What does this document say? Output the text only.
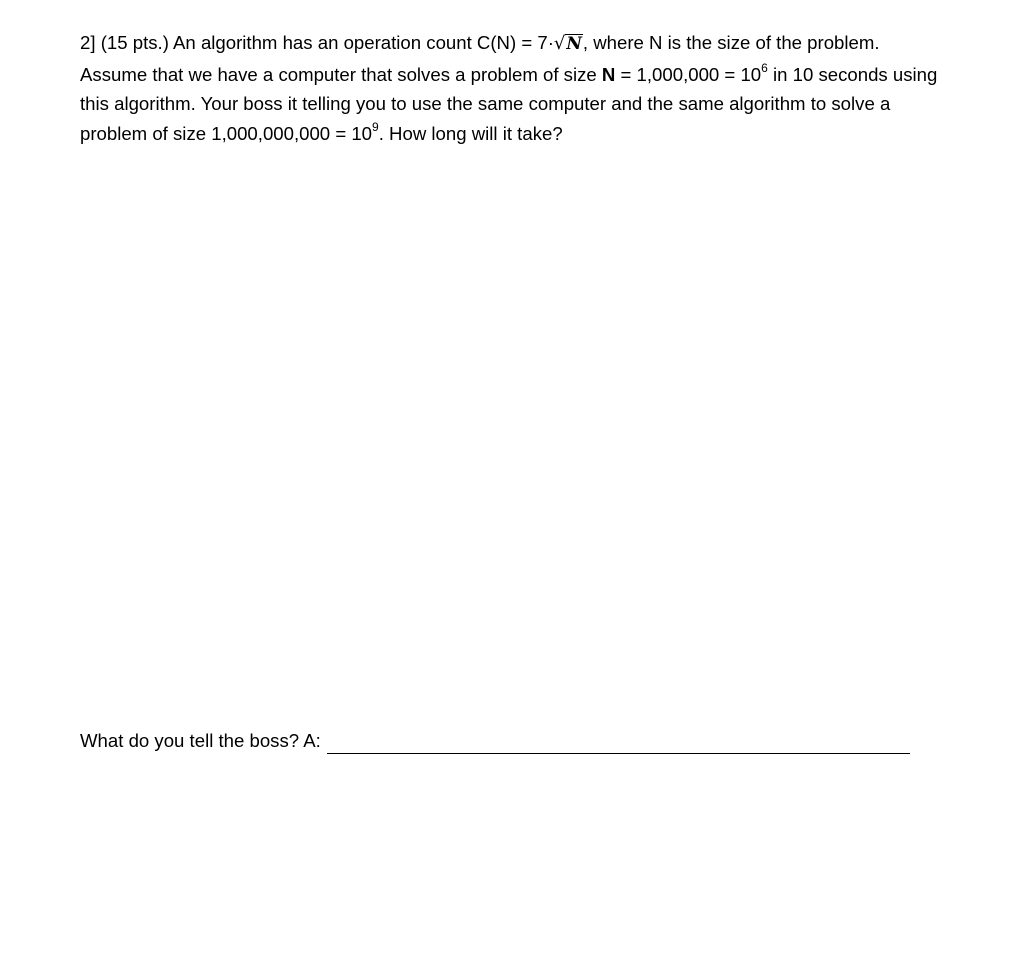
2] (15 pts.) An algorithm has an operation count C(N) = 7·√N, where N is the size of the problem.
Assume that we have a computer that solves a problem of size $N = 1,000,000 = 10^6$ in 10 seconds using
this algorithm. Your boss it telling you to use the same computer and the same algorithm to solve a
problem of size $1,000,000,000 = 10^9$. How long will it take?
What do you tell the boss? A:
